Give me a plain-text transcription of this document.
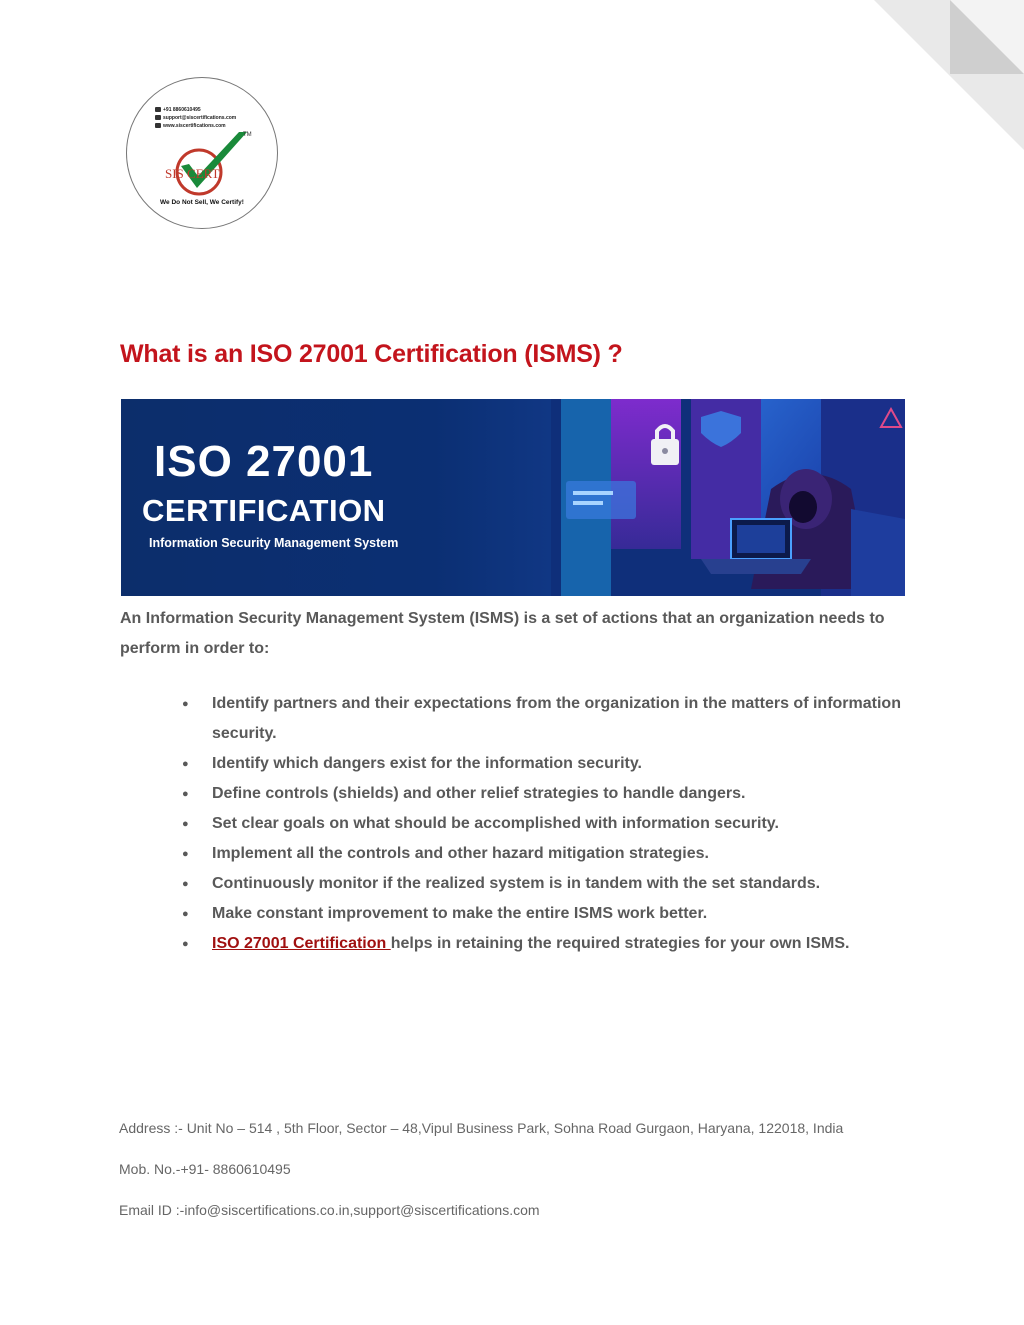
+91 8860610495
support@siscertifications.com
www.siscertifications.com
SIS CERT.
TM
We Do Not Sell, We Certify!
What is an ISO 27001 Certification (ISMS) ?
ISO 27001
CERTIFICATION
Information Security Management System

An Information Security Management System (ISMS) is a set of actions that an organization needs to perform in order to:

● Identify partners and their expectations from the organization in the matters of information security.
● Identify which dangers exist for the information security.
● Define controls (shields) and other relief strategies to handle dangers.
● Set clear goals on what should be accomplished with information security.
● Implement all the controls and other hazard mitigation strategies.
● Continuously monitor if the realized system is in tandem with the set standards.
● Make constant improvement to make the entire ISMS work better.
● ISO 27001 Certification helps in retaining the required strategies for your own ISMS.
Address :- Unit No – 514 , 5th Floor, Sector – 48,Vipul Business Park, Sohna Road Gurgaon, Haryana, 122018, India
Mob. No.-+91- 8860610495
Email ID :-info@siscertifications.co.in,support@siscertifications.com
